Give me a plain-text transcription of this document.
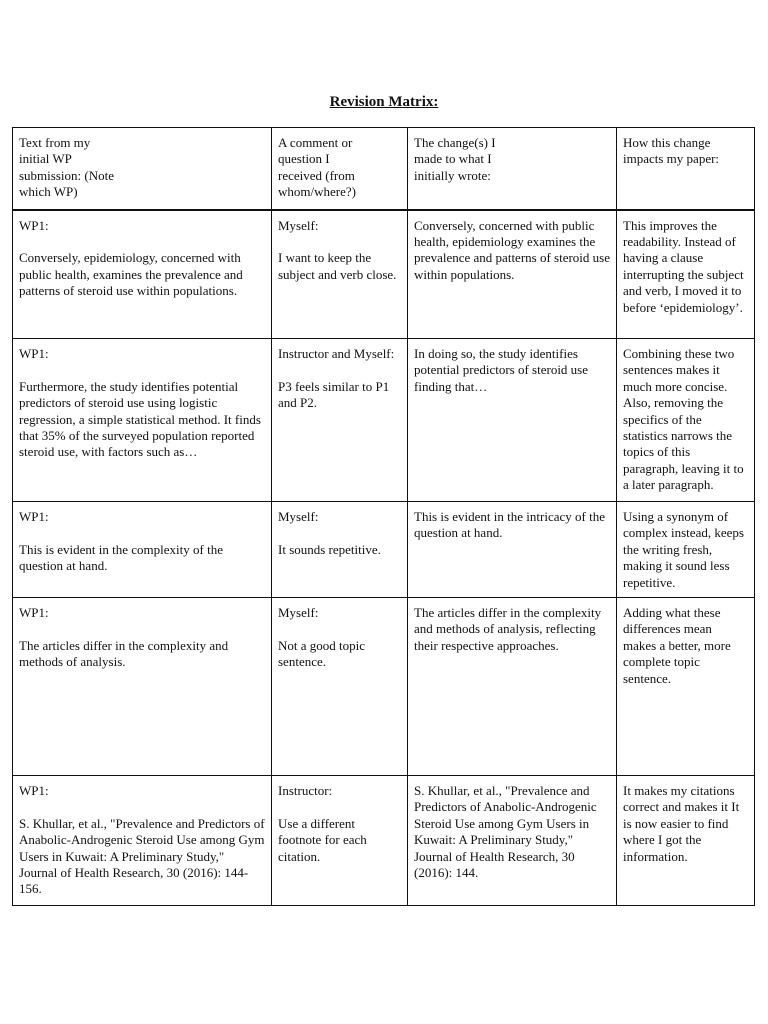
Revision Matrix:
Text from my
initial WP
submission: (Note
which WP)	A comment or
question I
received (from
whom/where?)	The change(s) I
made to what I
initially wrote:	How this change
impacts my paper:

WP1:
Conversely, epidemiology, concerned with public health, examines the prevalence and patterns of steroid use within populations.	Myself:
I want to keep the subject and verb close.	Conversely, concerned with public health, epidemiology examines the prevalence and patterns of steroid use within populations.	This improves the readability. Instead of having a clause interrupting the subject and verb, I moved it to before ‘epidemiology’.

WP1:
Furthermore, the study identifies potential predictors of steroid use using logistic regression, a simple statistical method. It finds that 35% of the surveyed population reported steroid use, with factors such as…	Instructor and Myself:
P3 feels similar to P1 and P2.	In doing so, the study identifies potential predictors of steroid use finding that…	Combining these two sentences makes it much more concise. Also, removing the specifics of the statistics narrows the topics of this paragraph, leaving it to a later paragraph.

WP1:
This is evident in the complexity of the question at hand.	Myself:
It sounds repetitive.	This is evident in the intricacy of the question at hand.	Using a synonym of complex instead, keeps the writing fresh, making it sound less repetitive.

WP1:
The articles differ in the complexity and methods of analysis.	Myself:
Not a good topic sentence.	The articles differ in the complexity and methods of analysis, reflecting their respective approaches.	Adding what these differences mean makes a better, more complete topic sentence.

WP1:
S. Khullar, et al., "Prevalence and Predictors of Anabolic-Androgenic Steroid Use among Gym Users in Kuwait: A Preliminary Study," Journal of Health Research, 30 (2016): 144-156.	Instructor:
Use a different footnote for each citation.	S. Khullar, et al., "Prevalence and Predictors of Anabolic-Androgenic Steroid Use among Gym Users in Kuwait: A Preliminary Study," Journal of Health Research, 30 (2016): 144.	It makes my citations correct and makes it It is now easier to find where I got the information.
